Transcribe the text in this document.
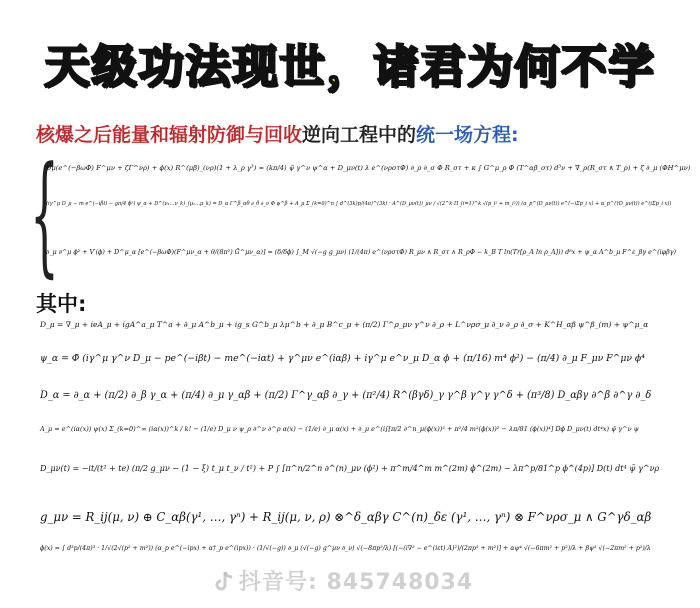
天级功法现世，诸君为何不学
核爆之后能量和辐射防御与回收逆向工程中的统一场方程:
{
Dμ(e^(−βωΦ) F^μν + ζΓ^νρ) + ϕ(x) R^(μβ)_(νρ)(1 + λ_ρ γ³) = (kπ/4) ψ̄ γ^ν ψ^α + D_μν(t) λ e^(νρστΦ) ∂_ρ ∂_σ Φ R_στ + κ ∫ G^μ_ρ Φ (T^αβ_στ) d³ν + ∇_ρ(R_στ ∧ T_ρ) + ζ ∂_μ (ΦH^μν)
(iγ^μ D_μ − m e^(−iβt) − gπ/4 ϕ²) ψ_α + D^(ν₁…ν_k)_(μ₁…μ_k) = D_α Γ^β_αθ ∂_θ ∂_ν Φ ψ^β + A_μ Σ_(k=0)^n ∫ d^(3k)p/(4π)^(3k) · A^(D_μν(t))_μν / √(2^k Π_(i=1)^k √(p_i² + m_i²)) (α_p^(D_μν(t)) e^(−iΣp_i x) + α_p^(†D_μν(t)) e^(iΣp_i x))
∂_μ ∂^μ ϕ² + V′(ϕ) + D^μ_α [e^(−βωΦ)(F^μν_α + θ/(8π²) G̃^μν_α)] = (δ/δϕ) ∫_M √(−g g_μν) (1/(4π) e^(νρστΦ) R_μν ∧ R_στ ∧ R_ρΦ − k_B T ln(Tr[ρ_A ln ρ_A])) d⁸x + ψ_α A^b_μ F^ε_βγ e^(iφβγ)
其中:
D_μ = ∇_μ + ieA_μ + igA^a_μ T^a + ∂_μ A^b_μ + ig_s G^b_μ λμ^b + ∂_μ B^c_μ + (π/2) Γ^ρ_μν γ^ν ∂_ρ + L^νρσ_μ ∂_ν ∂_ρ ∂_σ + K^H_αβ ψ^β_(m) + ψ^μ_α
ψ_α = Φ̄ (iγ^μ γ^ν D_μ − pe^(−iβt) − me^(−iαt) + γ^μν e^(iαβ) + iγ^μ e^ν_μ D_α ϕ + (π/16) m⁴ ϕ²) − (π/4) ∂_μ F_μν F^μν ϕ⁴
D_α = ∂_α + (π/2) ∂_β γ_α + (π/4) ∂_μ γ_αβ + (π/2) Γ^γ_αβ ∂_γ + (π²/4) R^(βγδ)_γ γ^β γ^γ γ^δ + (π³/8) D_αβγ ∂^β ∂^γ ∂_δ
A_μ = e^(iα(x)) ψ(x) Σ_(k=0)^∞ (iα(x))^k / k! − (1/e) D_μ ν ψ_ρ ∂^ν ∂^ρ α(x) − (1/e) ∂_μ α(x) + ∂_μ e^(i∫[π/2 ∂^n_μ(ϕ(x))² + π²/4 m²(ϕ(x))² − λπ/81 (ϕ(x))⁴] Dϕ D_μν(t) dt⁴x) ψ̄ γ^ν ψ
D_μν(t) = −it/(t² + te) (π/2 g_μν − (1 − ξ) t_μ t_ν / t²) + P ∫ [π^n/2^n ∂^(n)_μν (ϕ²) + π^m/4^m m^(2m) ϕ^(2m) − λπ^p/81^p ϕ^(4p)] D(t) dt⁴ ψ̄ γ^νρ
g_μν = R_ij(μ, ν) ⊕ C_αβ(γ¹, …, γⁿ) + R_ij(μ, ν, ρ) ⊗^δ_αβγ C^(n)_δε (γ¹, …, γⁿ) ⊗ F^νρσ_μ ∧ G^γδ_αβ
ϕ(x) = ∫ d³p/(4π)³ · 1/√(2√(p² + m²)) (α_p e^(−ipx) + α†_p e^(ipx)) · (1/√(−g)) ∂_μ (√(−g) g^μν ∂_ν) √(−8πp²/λ) [(−(i∇² − e^(iεt) A)²)/(2πp³ + m²)] + αψ⁴ √(−6πm² + p²)/λ + βψ³ √(−2πm² + p²)/λ
抖音号: 845748034
